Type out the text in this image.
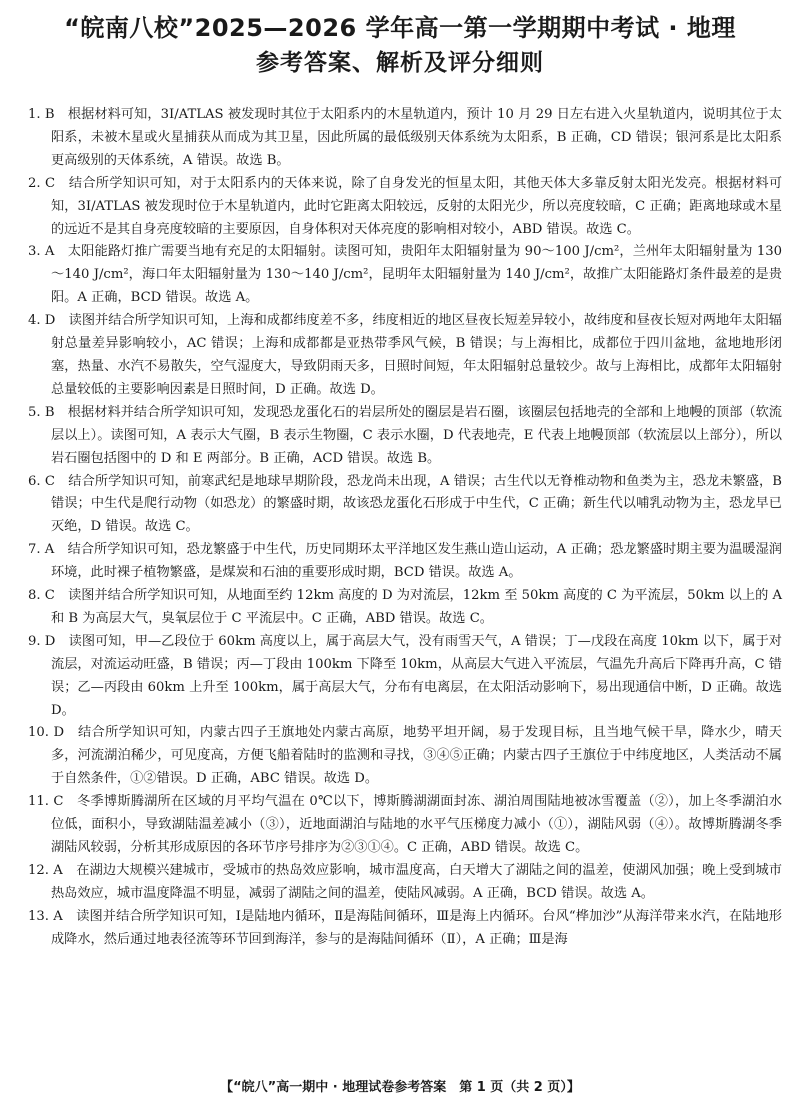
“皖南八校”2025—2026 学年高一第一学期期中考试 · 地理
参考答案、解析及评分细则
1. B　根据材料可知，3I/ATLAS 被发现时其位于太阳系内的木星轨道内，预计 10 月 29 日左右进入火星轨道内，说明其位于太阳系，未被木星或火星捕获从而成为其卫星，因此所属的最低级别天体系统为太阳系，B 正确，CD 错误；银河系是比太阳系更高级别的天体系统，A 错误。故选 B。
2. C　结合所学知识可知，对于太阳系内的天体来说，除了自身发光的恒星太阳，其他天体大多靠反射太阳光发亮。根据材料可知，3I/ATLAS 被发现时位于木星轨道内，此时它距离太阳较远，反射的太阳光少，所以亮度较暗，C 正确；距离地球或木星的远近不是其自身亮度较暗的主要原因，自身体积对天体亮度的影响相对较小，ABD 错误。故选 C。
3. A　太阳能路灯推广需要当地有充足的太阳辐射。读图可知，贵阳年太阳辐射量为 90～100 J/cm²，兰州年太阳辐射量为 130～140 J/cm²，海口年太阳辐射量为 130～140 J/cm²，昆明年太阳辐射量为 140 J/cm²，故推广太阳能路灯条件最差的是贵阳。A 正确，BCD 错误。故选 A。
4. D　读图并结合所学知识可知，上海和成都纬度差不多，纬度相近的地区昼夜长短差异较小，故纬度和昼夜长短对两地年太阳辐射总量差异影响较小，AC 错误；上海和成都都是亚热带季风气候，B 错误；与上海相比，成都位于四川盆地，盆地地形闭塞，热量、水汽不易散失，空气湿度大，导致阴雨天多，日照时间短，年太阳辐射总量较少。故与上海相比，成都年太阳辐射总量较低的主要影响因素是日照时间，D 正确。故选 D。
5. B　根据材料并结合所学知识可知，发现恐龙蛋化石的岩层所处的圈层是岩石圈，该圈层包括地壳的全部和上地幔的顶部（软流层以上）。读图可知，A 表示大气圈，B 表示生物圈，C 表示水圈，D 代表地壳，E 代表上地幔顶部（软流层以上部分），所以岩石圈包括图中的 D 和 E 两部分。B 正确，ACD 错误。故选 B。
6. C　结合所学知识可知，前寒武纪是地球早期阶段，恐龙尚未出现，A 错误；古生代以无脊椎动物和鱼类为主，恐龙未繁盛，B 错误；中生代是爬行动物（如恐龙）的繁盛时期，故该恐龙蛋化石形成于中生代，C 正确；新生代以哺乳动物为主，恐龙早已灭绝，D 错误。故选 C。
7. A　结合所学知识可知，恐龙繁盛于中生代，历史同期环太平洋地区发生燕山造山运动，A 正确；恐龙繁盛时期主要为温暖湿润环境，此时裸子植物繁盛，是煤炭和石油的重要形成时期，BCD 错误。故选 A。
8. C　读图并结合所学知识可知，从地面至约 12km 高度的 D 为对流层，12km 至 50km 高度的 C 为平流层，50km 以上的 A 和 B 为高层大气，臭氧层位于 C 平流层中。C 正确，ABD 错误。故选 C。
9. D　读图可知，甲—乙段位于 60km 高度以上，属于高层大气，没有雨雪天气，A 错误；丁—戊段在高度 10km 以下，属于对流层，对流运动旺盛，B 错误；丙—丁段由 100km 下降至 10km，从高层大气进入平流层，气温先升高后下降再升高，C 错误；乙—丙段由 60km 上升至 100km，属于高层大气，分布有电离层，在太阳活动影响下，易出现通信中断，D 正确。故选 D。
10. D　结合所学知识可知，内蒙古四子王旗地处内蒙古高原，地势平坦开阔，易于发现目标，且当地气候干旱，降水少，晴天多，河流湖泊稀少，可见度高，方便飞船着陆时的监测和寻找，③④⑤正确；内蒙古四子王旗位于中纬度地区，人类活动不属于自然条件，①②错误。D 正确，ABC 错误。故选 D。
11. C　冬季博斯腾湖所在区域的月平均气温在 0℃以下，博斯腾湖湖面封冻、湖泊周围陆地被冰雪覆盖（②），加上冬季湖泊水位低，面积小，导致湖陆温差减小（③），近地面湖泊与陆地的水平气压梯度力减小（①），湖陆风弱（④）。故博斯腾湖冬季湖陆风较弱，分析其形成原因的各环节序号排序为②③①④。C 正确，ABD 错误。故选 C。
12. A　在湖边大规模兴建城市，受城市的热岛效应影响，城市温度高，白天增大了湖陆之间的温差，使湖风加强；晚上受到城市热岛效应，城市温度降温不明显，减弱了湖陆之间的温差，使陆风减弱。A 正确，BCD 错误。故选 A。
13. A　读图并结合所学知识可知，Ⅰ是陆地内循环，Ⅱ是海陆间循环，Ⅲ是海上内循环。台风“桦加沙”从海洋带来水汽，在陆地形成降水，然后通过地表径流等环节回到海洋，参与的是海陆间循环（Ⅱ），A 正确；Ⅲ是海
【“皖八”高一期中 · 地理试卷参考答案　第 1 页（共 2 页）】
